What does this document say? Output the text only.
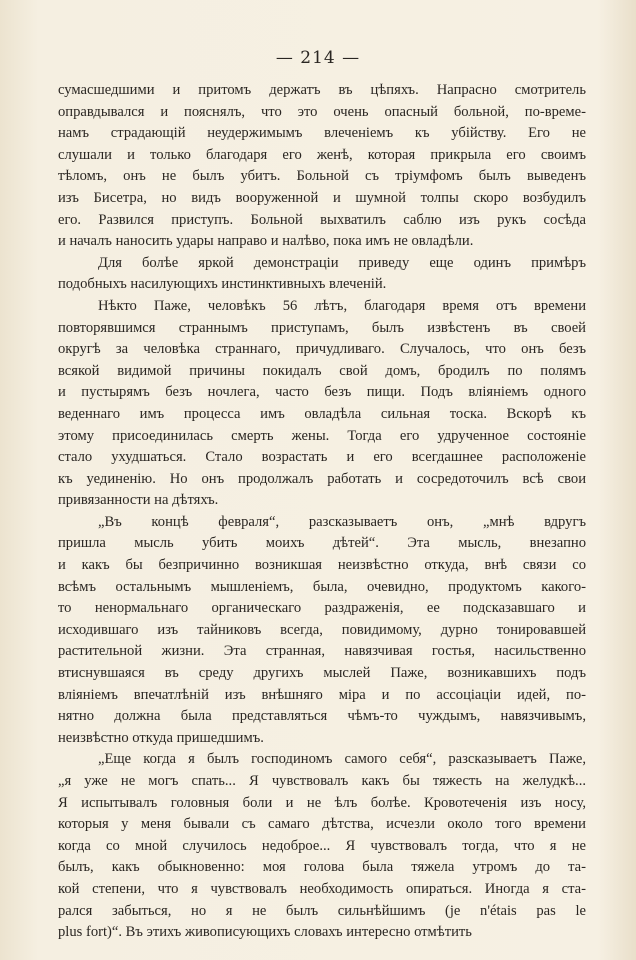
— 214 —
сумасшедшими и притомъ держатъ въ цѣпяхъ. Напрасно смотритель
оправдывался и пояснялъ, что это очень опасный больной, по-време-
намъ страдающій неудержимымъ влеченіемъ къ убійству. Его не
слушали и только благодаря его женѣ, которая прикрыла его своимъ
тѣломъ, онъ не былъ убитъ. Больной съ тріумфомъ былъ выведенъ
изъ Бисетра, но видъ вооруженной и шумной толпы скоро возбудилъ
его. Развился приступъ. Больной выхватилъ саблю изъ рукъ сосѣда
и началъ наносить удары направо и налѣво, пока имъ не овладѣли.
Для болѣе яркой демонстраціи приведу еще одинъ примѣръ
подобныхъ насилующихъ инстинктивныхъ влеченій.
Нѣкто Паже, человѣкъ 56 лѣтъ, благодаря время отъ времени
повторявшимся страннымъ приступамъ, былъ извѣстенъ въ своей
округѣ за человѣка страннаго, причудливаго. Случалось, что онъ безъ
всякой видимой причины покидалъ свой домъ, бродилъ по полямъ
и пустырямъ безъ ночлега, часто безъ пищи. Подъ вліяніемъ одного
веденнаго имъ процесса имъ овладѣла сильная тоска. Вскорѣ къ
этому присоединилась смерть жены. Тогда его удрученное состояніе
стало ухудшаться. Стало возрастать и его всегдашнее расположеніе
къ уединенію. Но онъ продолжалъ работать и сосредоточилъ всѣ свои
привязанности на дѣтяхъ.
„Въ концѣ февраля“, разсказываетъ онъ, „мнѣ вдругъ
пришла мысль убить моихъ дѣтей“. Эта мысль, внезапно
и какъ бы безпричинно возникшая неизвѣстно откуда, внѣ связи со
всѣмъ остальнымъ мышленіемъ, была, очевидно, продуктомъ какого-
то ненормальнаго органическаго раздраженія, ее подсказавшаго и
исходившаго изъ тайниковъ всегда, повидимому, дурно тонировавшей
растительной жизни. Эта странная, навязчивая гостья, насильственно
втиснувшаяся въ среду другихъ мыслей Паже, возникавшихъ подъ
вліяніемъ впечатлѣній изъ внѣшняго міра и по ассоціаціи идей, по-
нятно должна была представляться чѣмъ-то чуждымъ, навязчивымъ,
неизвѣстно откуда пришедшимъ.
„Еще когда я былъ господиномъ самого себя“, разсказываетъ Паже,
„я уже не могъ спать... Я чувствовалъ какъ бы тяжесть на желудкѣ...
Я испытывалъ головныя боли и не ѣлъ болѣе. Кровотеченія изъ носу,
которыя у меня бывали съ самаго дѣтства, исчезли около того времени
когда со мной случилось недоброе... Я чувствовалъ тогда, что я не
былъ, какъ обыкновенно: моя голова была тяжела утромъ до та-
кой степени, что я чувствовалъ необходимость опираться. Иногда я ста-
рался забыться, но я не былъ сильнѣйшимъ (je n'étais pas le
plus fort)“. Въ этихъ живописующихъ словахъ интересно отмѣтить
